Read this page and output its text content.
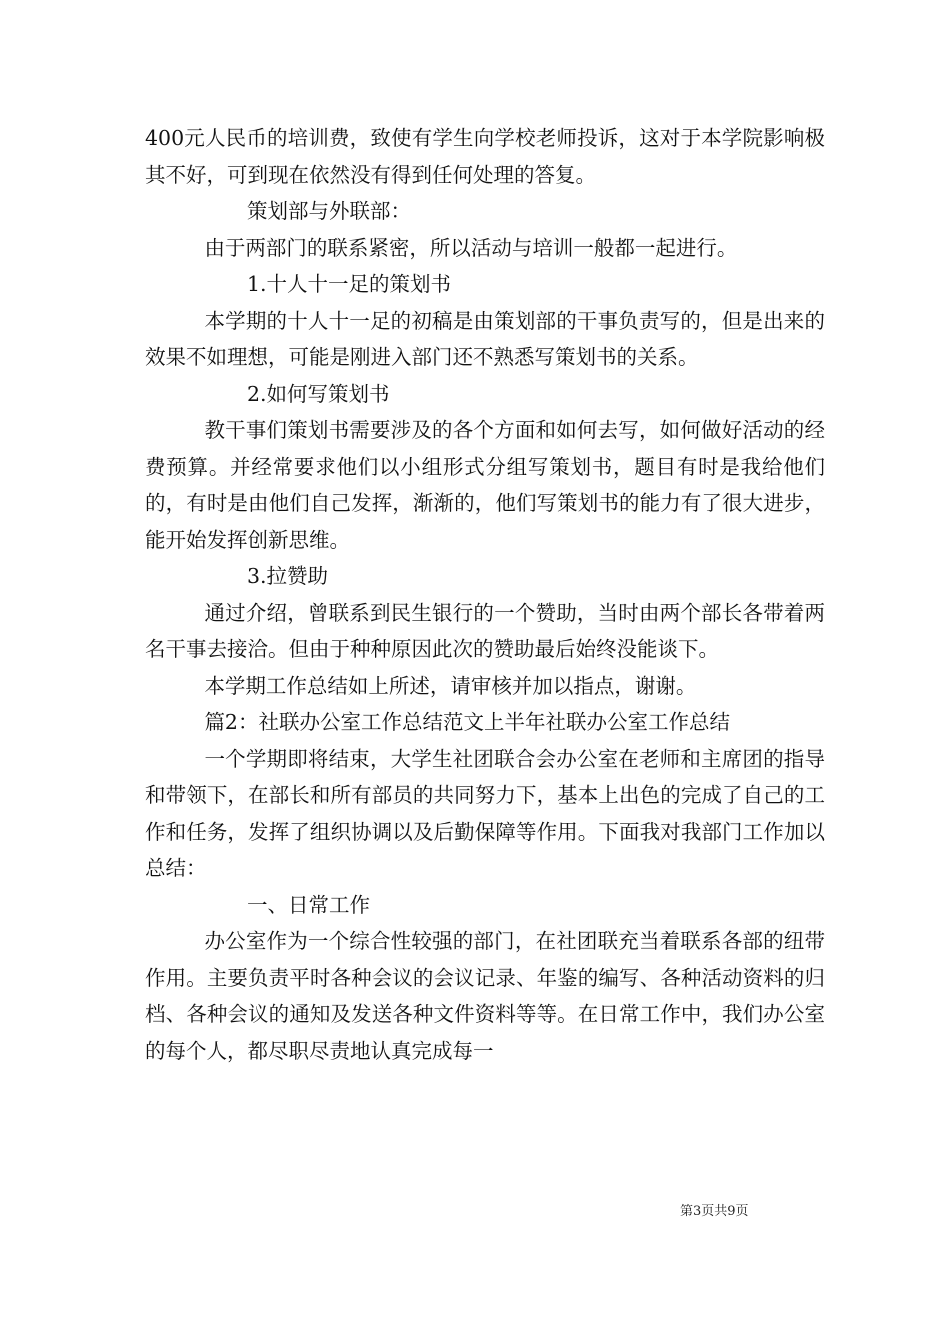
400元人民币的培训费，致使有学生向学校老师投诉，这对于本学院影响极其不好，可到现在依然没有得到任何处理的答复。

策划部与外联部：

由于两部门的联系紧密，所以活动与培训一般都一起进行。

1.十人十一足的策划书

本学期的十人十一足的初稿是由策划部的干事负责写的，但是出来的效果不如理想，可能是刚进入部门还不熟悉写策划书的关系。

2.如何写策划书

教干事们策划书需要涉及的各个方面和如何去写，如何做好活动的经费预算。并经常要求他们以小组形式分组写策划书，题目有时是我给他们的，有时是由他们自己发挥，渐渐的，他们写策划书的能力有了很大进步，能开始发挥创新思维。

3.拉赞助

通过介绍，曾联系到民生银行的一个赞助，当时由两个部长各带着两名干事去接洽。但由于种种原因此次的赞助最后始终没能谈下。

本学期工作总结如上所述，请审核并加以指点，谢谢。

篇2：社联办公室工作总结范文上半年社联办公室工作总结

一个学期即将结束，大学生社团联合会办公室在老师和主席团的指导和带领下，在部长和所有部员的共同努力下，基本上出色的完成了自己的工作和任务，发挥了组织协调以及后勤保障等作用。下面我对我部门工作加以总结：

一、日常工作

办公室作为一个综合性较强的部门，在社团联充当着联系各部的纽带作用。主要负责平时各种会议的会议记录、年鉴的编写、各种活动资料的归档、各种会议的通知及发送各种文件资料等等。在日常工作中，我们办公室的每个人，都尽职尽责地认真完成每一

第3页共9页
